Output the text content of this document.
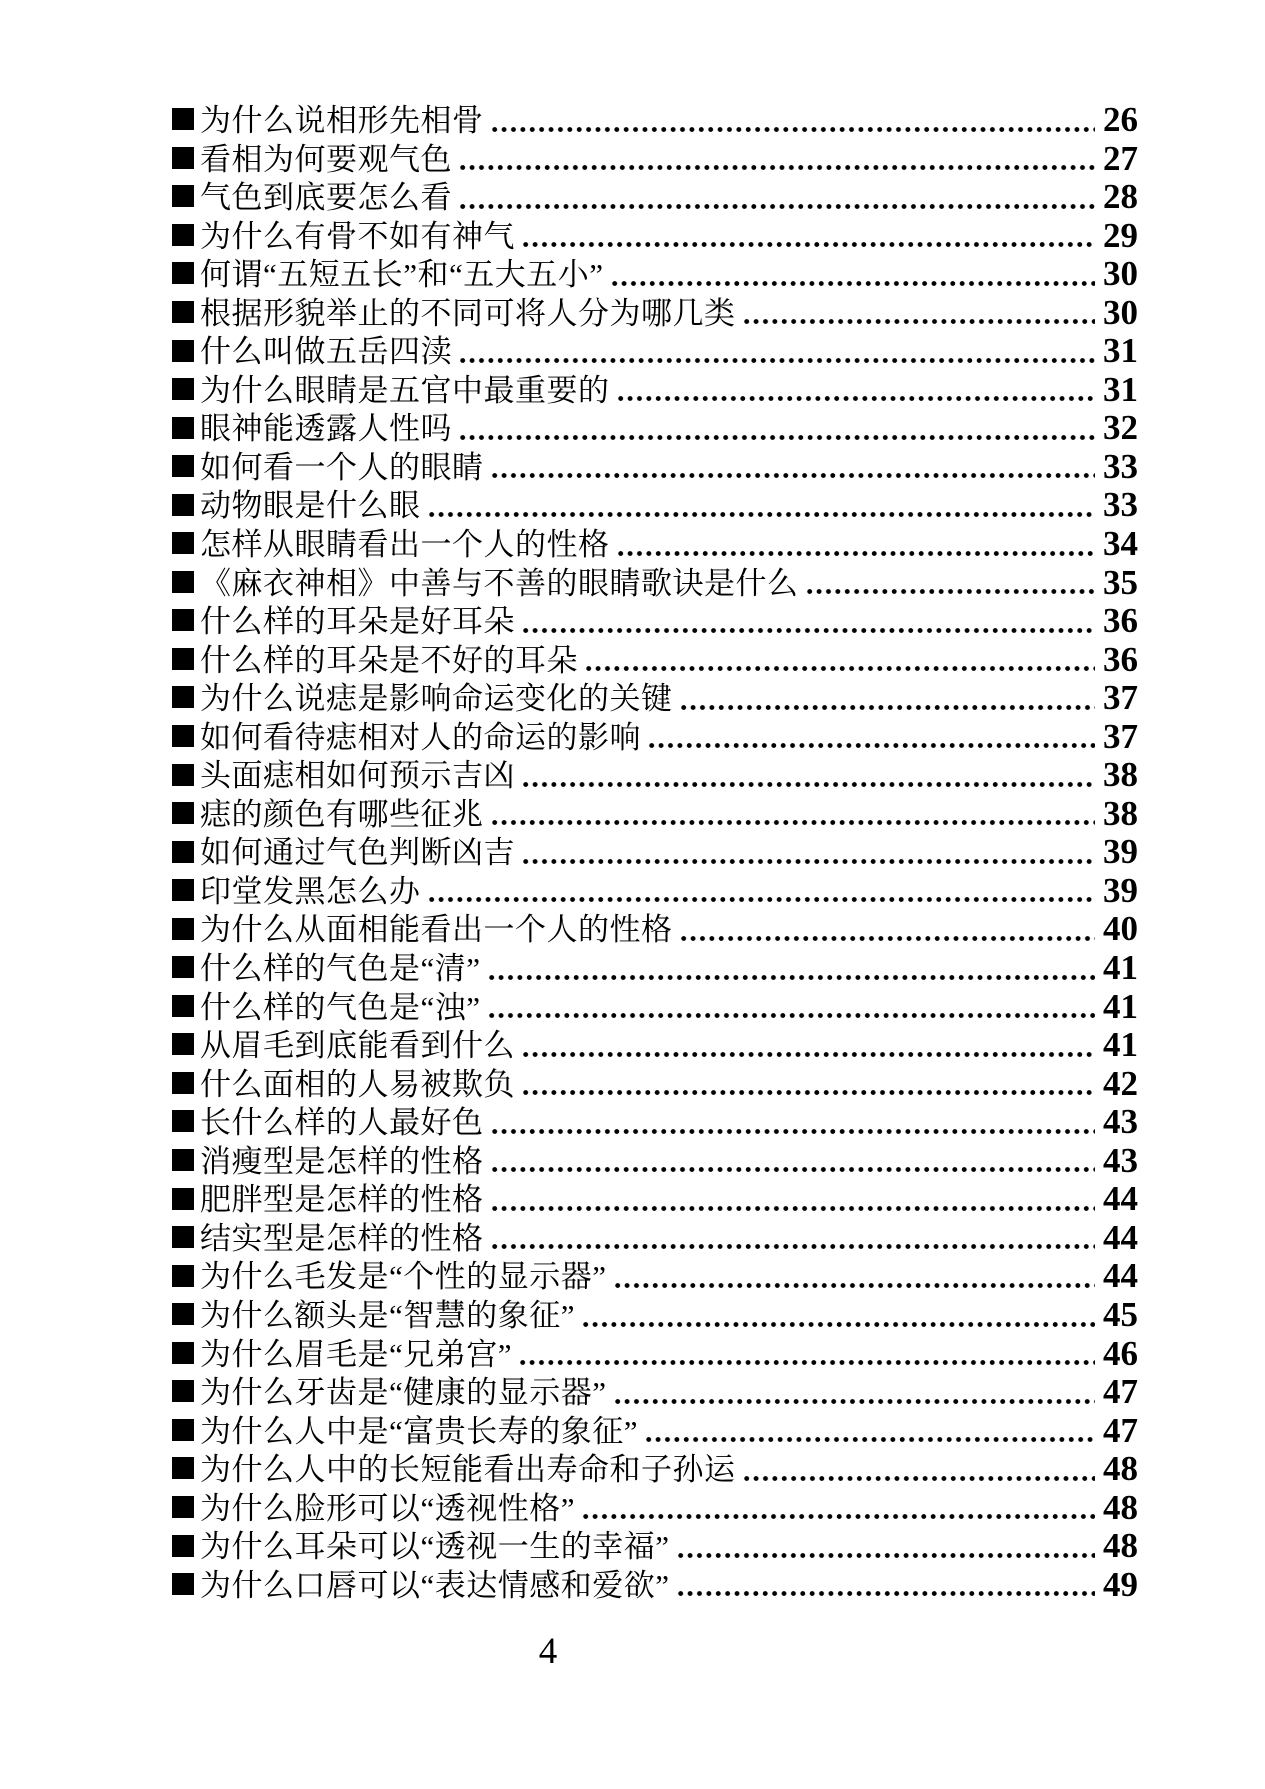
为什么说相形先相骨	26
看相为何要观气色	27
气色到底要怎么看	28
为什么有骨不如有神气	29
何谓“五短五长”和“五大五小”	30
根据形貌举止的不同可将人分为哪几类	30
什么叫做五岳四渎	31
为什么眼睛是五官中最重要的	31
眼神能透露人性吗	32
如何看一个人的眼睛	33
动物眼是什么眼	33
怎样从眼睛看出一个人的性格	34
《麻衣神相》中善与不善的眼睛歌诀是什么	35
什么样的耳朵是好耳朵	36
什么样的耳朵是不好的耳朵	36
为什么说痣是影响命运变化的关键	37
如何看待痣相对人的命运的影响	37
头面痣相如何预示吉凶	38
痣的颜色有哪些征兆	38
如何通过气色判断凶吉	39
印堂发黑怎么办	39
为什么从面相能看出一个人的性格	40
什么样的气色是“清”	41
什么样的气色是“浊”	41
从眉毛到底能看到什么	41
什么面相的人易被欺负	42
长什么样的人最好色	43
消瘦型是怎样的性格	43
肥胖型是怎样的性格	44
结实型是怎样的性格	44
为什么毛发是“个性的显示器”	44
为什么额头是“智慧的象征”	45
为什么眉毛是“兄弟宫”	46
为什么牙齿是“健康的显示器”	47
为什么人中是“富贵长寿的象征”	47
为什么人中的长短能看出寿命和子孙运	48
为什么脸形可以“透视性格”	48
为什么耳朵可以“透视一生的幸福”	48
为什么口唇可以“表达情感和爱欲”	49
4
